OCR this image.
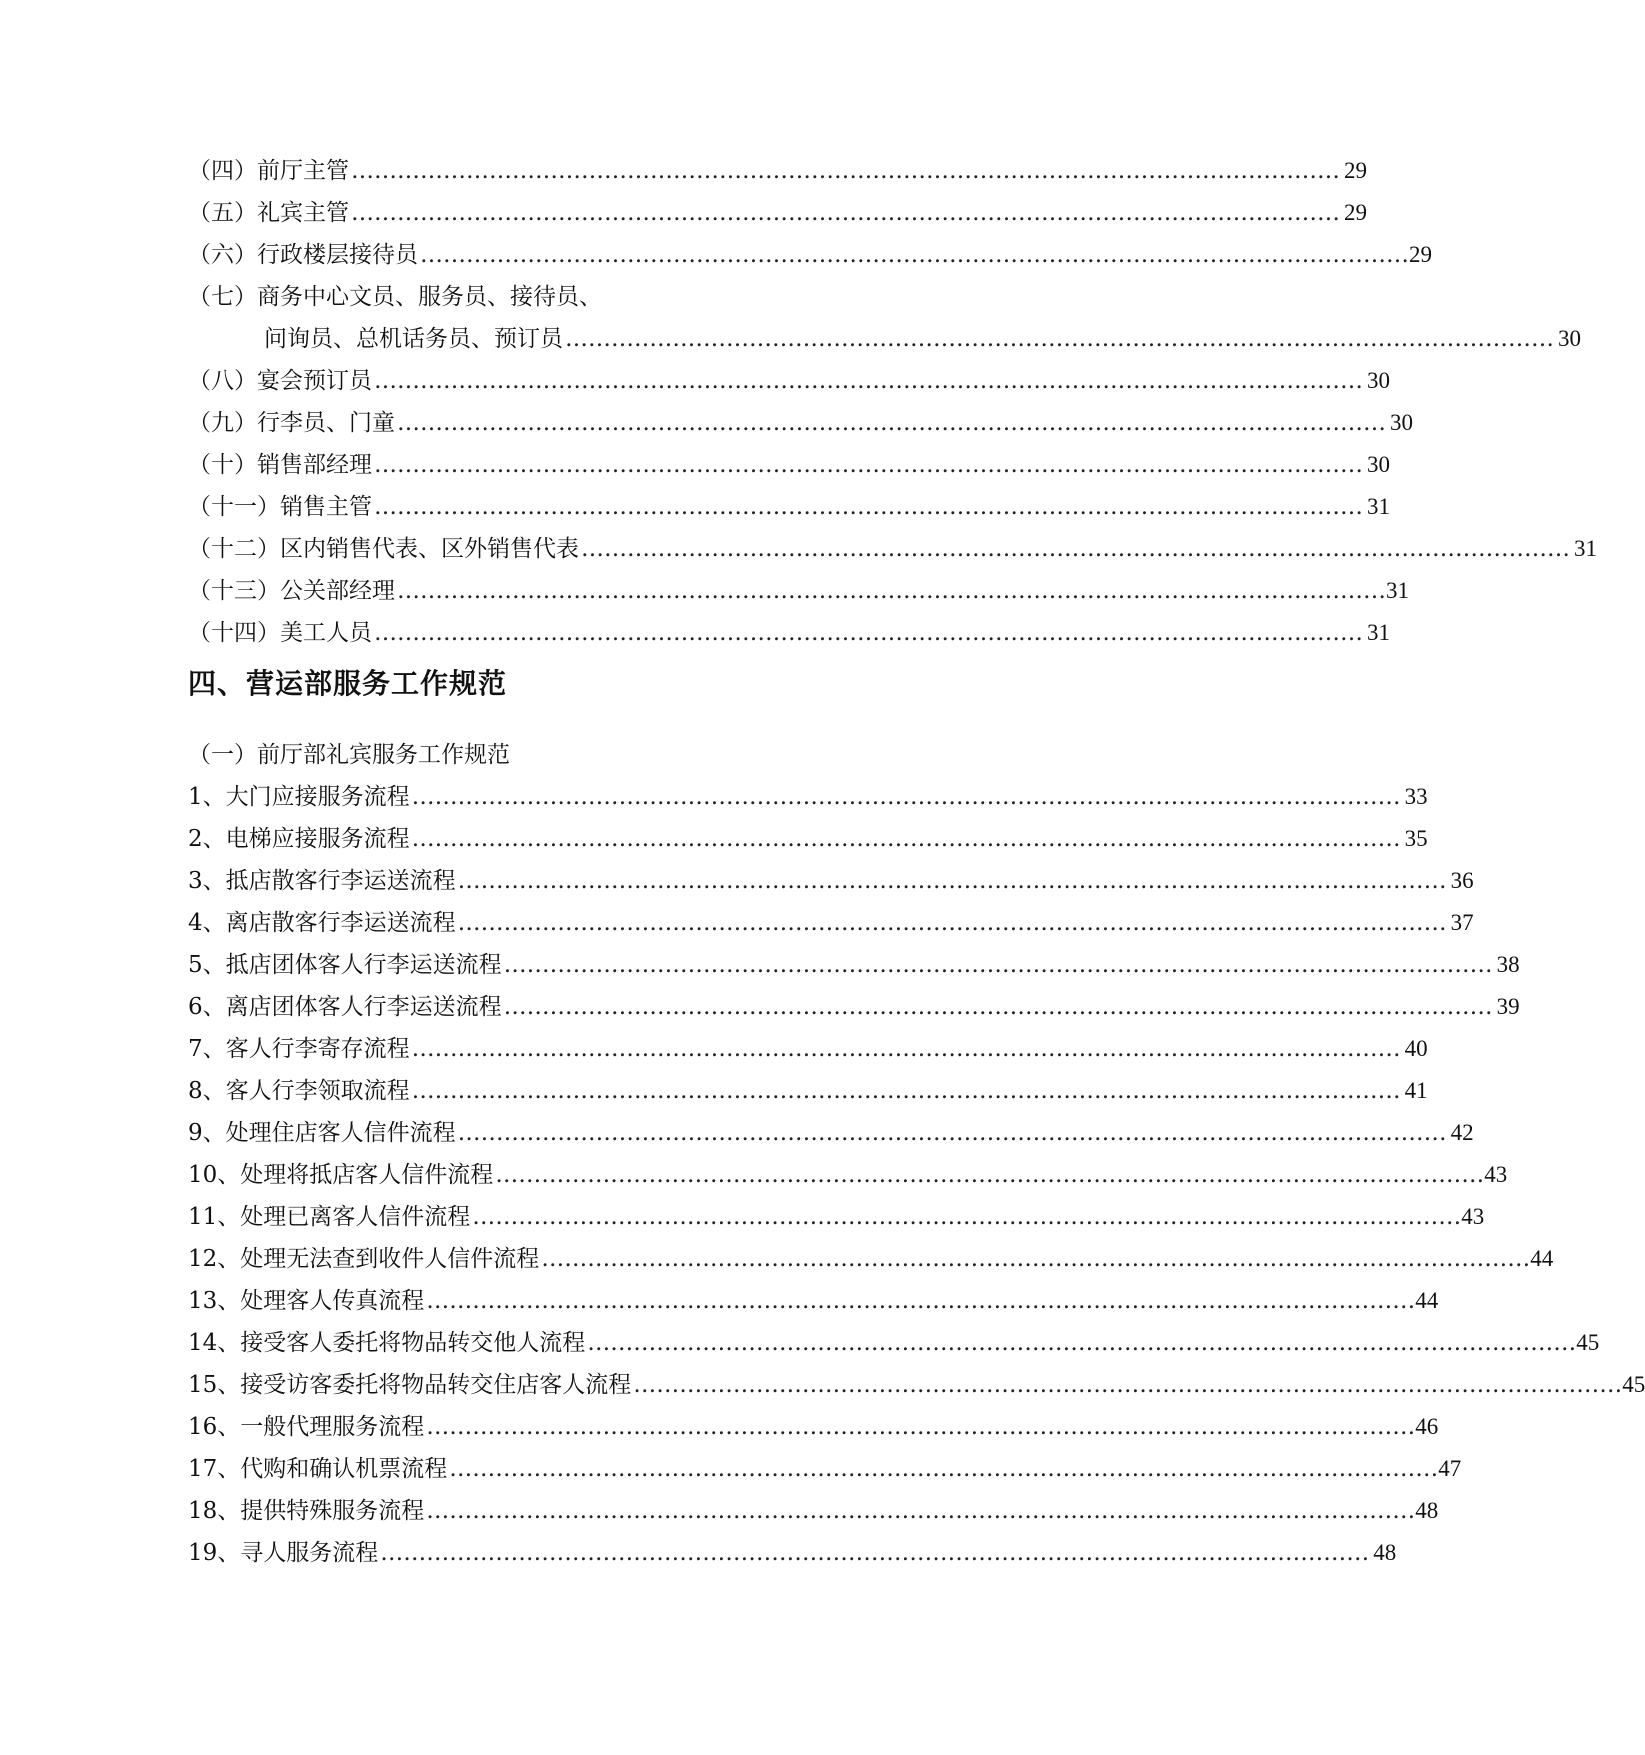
（四）前厅主管 ………………………………………………………………………………………………………………… 29
（五）礼宾主管 ………………………………………………………………………………………………………………… 29
（六）行政楼层接待员 ………………………………………………………………………………………………………………… 29
（七）商务中心文员、服务员、接待员、
问询员、总机话务员、预订员 ………………………………………………………………………………………………………………… 30
（八）宴会预订员 ………………………………………………………………………………………………………………… 30
（九）行李员、门童 ………………………………………………………………………………………………………………… 30
（十）销售部经理 ………………………………………………………………………………………………………………… 30
（十一）销售主管 ………………………………………………………………………………………………………………… 31
（十二）区内销售代表、区外销售代表 ………………………………………………………………………………………………………………… 31
（十三）公关部经理 ………………………………………………………………………………………………………………… 31
（十四）美工人员 ………………………………………………………………………………………………………………… 31
四、营运部服务工作规范
（一）前厅部礼宾服务工作规范
1、大门应接服务流程 ………………………………………………………………………………………………………………… 33
2、电梯应接服务流程 ………………………………………………………………………………………………………………… 35
3、抵店散客行李运送流程 ………………………………………………………………………………………………………………… 36
4、离店散客行李运送流程 ………………………………………………………………………………………………………………… 37
5、抵店团体客人行李运送流程 ………………………………………………………………………………………………………………… 38
6、离店团体客人行李运送流程 ………………………………………………………………………………………………………………… 39
7、客人行李寄存流程 ………………………………………………………………………………………………………………… 40
8、客人行李领取流程 ………………………………………………………………………………………………………………… 41
9、处理住店客人信件流程 ………………………………………………………………………………………………………………… 42
10、处理将抵店客人信件流程 ………………………………………………………………………………………………………………… 43
11、处理已离客人信件流程 ………………………………………………………………………………………………………………… 43
12、处理无法查到收件人信件流程 ………………………………………………………………………………………………………………… 44
13、处理客人传真流程 ………………………………………………………………………………………………………………… 44
14、接受客人委托将物品转交他人流程 ………………………………………………………………………………………………………………… 45
15、接受访客委托将物品转交住店客人流程 ………………………………………………………………………………………………………………… 45
16、一般代理服务流程 ………………………………………………………………………………………………………………… 46
17、代购和确认机票流程 ………………………………………………………………………………………………………………… 47
18、提供特殊服务流程 ………………………………………………………………………………………………………………… 48
19、寻人服务流程 ………………………………………………………………………………………………………………… 48
